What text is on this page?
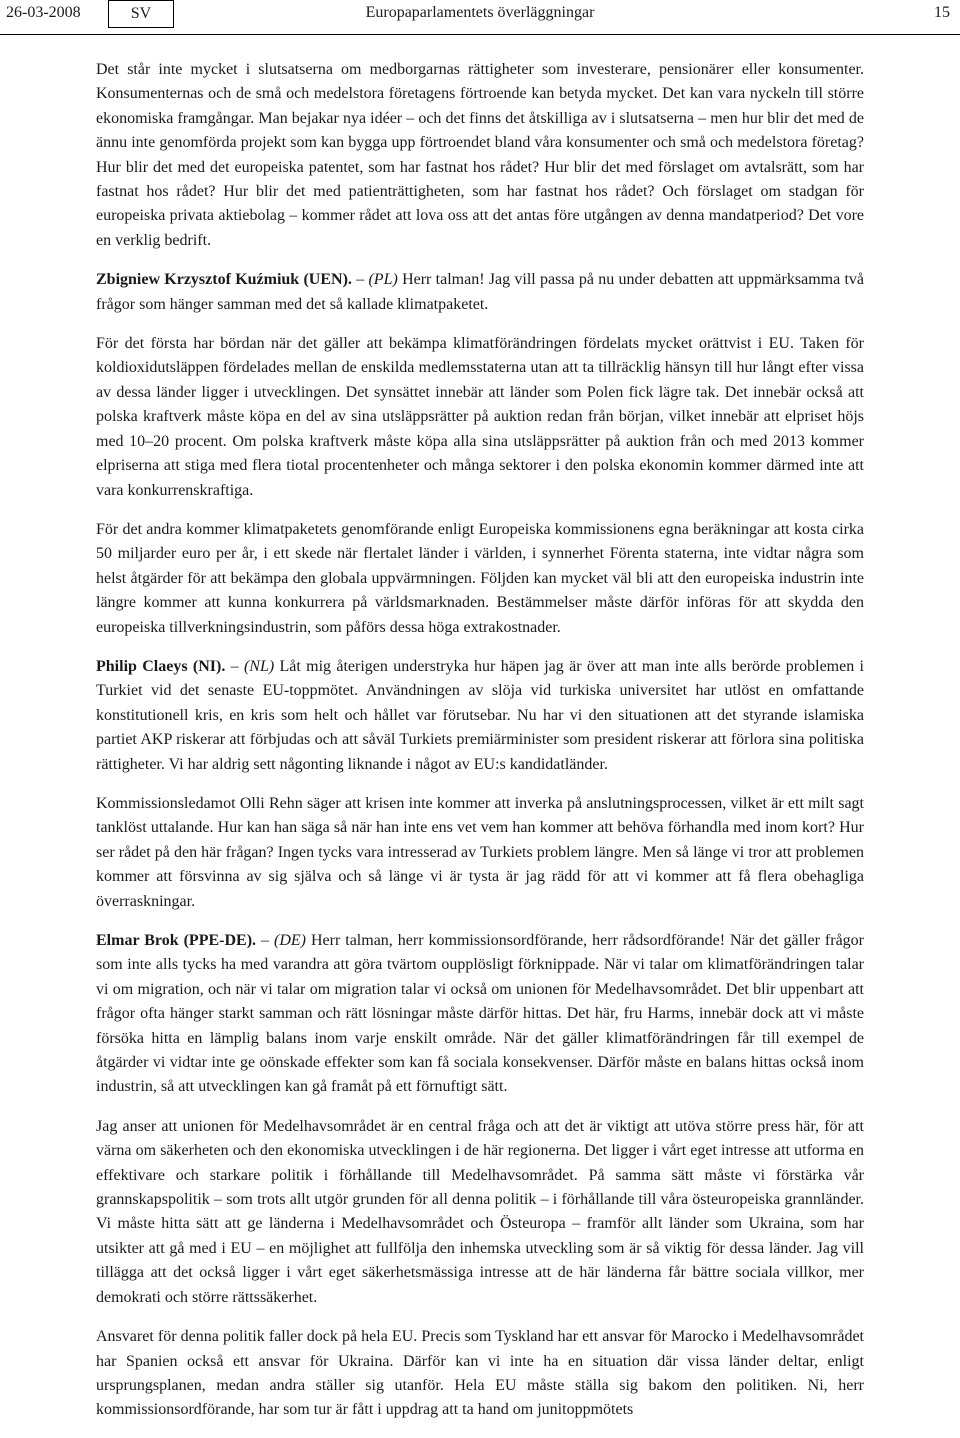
26-03-2008	SV	Europaparlamentets överläggningar	15

Det står inte mycket i slutsatserna om medborgarnas rättigheter som investerare, pensionärer eller konsumenter. Konsumenternas och de små och medelstora företagens förtroende kan betyda mycket. Det kan vara nyckeln till större ekonomiska framgångar. Man bejakar nya idéer – och det finns det åtskilliga av i slutsatserna – men hur blir det med de ännu inte genomförda projekt som kan bygga upp förtroendet bland våra konsumenter och små och medelstora företag? Hur blir det med det europeiska patentet, som har fastnat hos rådet? Hur blir det med förslaget om avtalsrätt, som har fastnat hos rådet? Hur blir det med patienträttigheten, som har fastnat hos rådet? Och förslaget om stadgan för europeiska privata aktiebolag – kommer rådet att lova oss att det antas före utgången av denna mandatperiod? Det vore en verklig bedrift.

Zbigniew Krzysztof Kuźmiuk (UEN). – (PL) Herr talman! Jag vill passa på nu under debatten att uppmärksamma två frågor som hänger samman med det så kallade klimatpaketet.

För det första har bördan när det gäller att bekämpa klimatförändringen fördelats mycket orättvist i EU. Taken för koldioxidutsläppen fördelades mellan de enskilda medlemsstaterna utan att ta tillräcklig hänsyn till hur långt efter vissa av dessa länder ligger i utvecklingen. Det synsättet innebär att länder som Polen fick lägre tak. Det innebär också att polska kraftverk måste köpa en del av sina utsläppsrätter på auktion redan från början, vilket innebär att elpriset höjs med 10–20 procent. Om polska kraftverk måste köpa alla sina utsläppsrätter på auktion från och med 2013 kommer elpriserna att stiga med flera tiotal procentenheter och många sektorer i den polska ekonomin kommer därmed inte att vara konkurrenskraftiga.

För det andra kommer klimatpaketets genomförande enligt Europeiska kommissionens egna beräkningar att kosta cirka 50 miljarder euro per år, i ett skede när flertalet länder i världen, i synnerhet Förenta staterna, inte vidtar några som helst åtgärder för att bekämpa den globala uppvärmningen. Följden kan mycket väl bli att den europeiska industrin inte längre kommer att kunna konkurrera på världsmarknaden. Bestämmelser måste därför införas för att skydda den europeiska tillverkningsindustrin, som påförs dessa höga extrakostnader.

Philip Claeys (NI). – (NL) Låt mig återigen understryka hur häpen jag är över att man inte alls berörde problemen i Turkiet vid det senaste EU-toppmötet. Användningen av slöja vid turkiska universitet har utlöst en omfattande konstitutionell kris, en kris som helt och hållet var förutsebar. Nu har vi den situationen att det styrande islamiska partiet AKP riskerar att förbjudas och att såväl Turkiets premiärminister som president riskerar att förlora sina politiska rättigheter. Vi har aldrig sett någonting liknande i något av EU:s kandidatländer.

Kommissionsledamot Olli Rehn säger att krisen inte kommer att inverka på anslutningsprocessen, vilket är ett milt sagt tanklöst uttalande. Hur kan han säga så när han inte ens vet vem han kommer att behöva förhandla med inom kort? Hur ser rådet på den här frågan? Ingen tycks vara intresserad av Turkiets problem längre. Men så länge vi tror att problemen kommer att försvinna av sig själva och så länge vi är tysta är jag rädd för att vi kommer att få flera obehagliga överraskningar.

Elmar Brok (PPE-DE). – (DE) Herr talman, herr kommissionsordförande, herr rådsordförande! När det gäller frågor som inte alls tycks ha med varandra att göra tvärtom oupplösligt förknippade. När vi talar om klimatförändringen talar vi om migration, och när vi talar om migration talar vi också om unionen för Medelhavsområdet. Det blir uppenbart att frågor ofta hänger starkt samman och rätt lösningar måste därför hittas. Det här, fru Harms, innebär dock att vi måste försöka hitta en lämplig balans inom varje enskilt område. När det gäller klimatförändringen får till exempel de åtgärder vi vidtar inte ge oönskade effekter som kan få sociala konsekvenser. Därför måste en balans hittas också inom industrin, så att utvecklingen kan gå framåt på ett förnuftigt sätt.

Jag anser att unionen för Medelhavsområdet är en central fråga och att det är viktigt att utöva större press här, för att värna om säkerheten och den ekonomiska utvecklingen i de här regionerna. Det ligger i vårt eget intresse att utforma en effektivare och starkare politik i förhållande till Medelhavsområdet. På samma sätt måste vi förstärka vår grannskapspolitik – som trots allt utgör grunden för all denna politik – i förhållande till våra östeuropeiska grannländer. Vi måste hitta sätt att ge länderna i Medelhavsområdet och Östeuropa – framför allt länder som Ukraina, som har utsikter att gå med i EU – en möjlighet att fullfölja den inhemska utveckling som är så viktig för dessa länder. Jag vill tillägga att det också ligger i vårt eget säkerhetsmässiga intresse att de här länderna får bättre sociala villkor, mer demokrati och större rättssäkerhet.

Ansvaret för denna politik faller dock på hela EU. Precis som Tyskland har ett ansvar för Marocko i Medelhavsområdet har Spanien också ett ansvar för Ukraina. Därför kan vi inte ha en situation där vissa länder deltar, enligt ursprungsplanen, medan andra ställer sig utanför. Hela EU måste ställa sig bakom den politiken. Ni, herr kommissionsordförande, har som tur är fått i uppdrag att ta hand om junitoppmötets
